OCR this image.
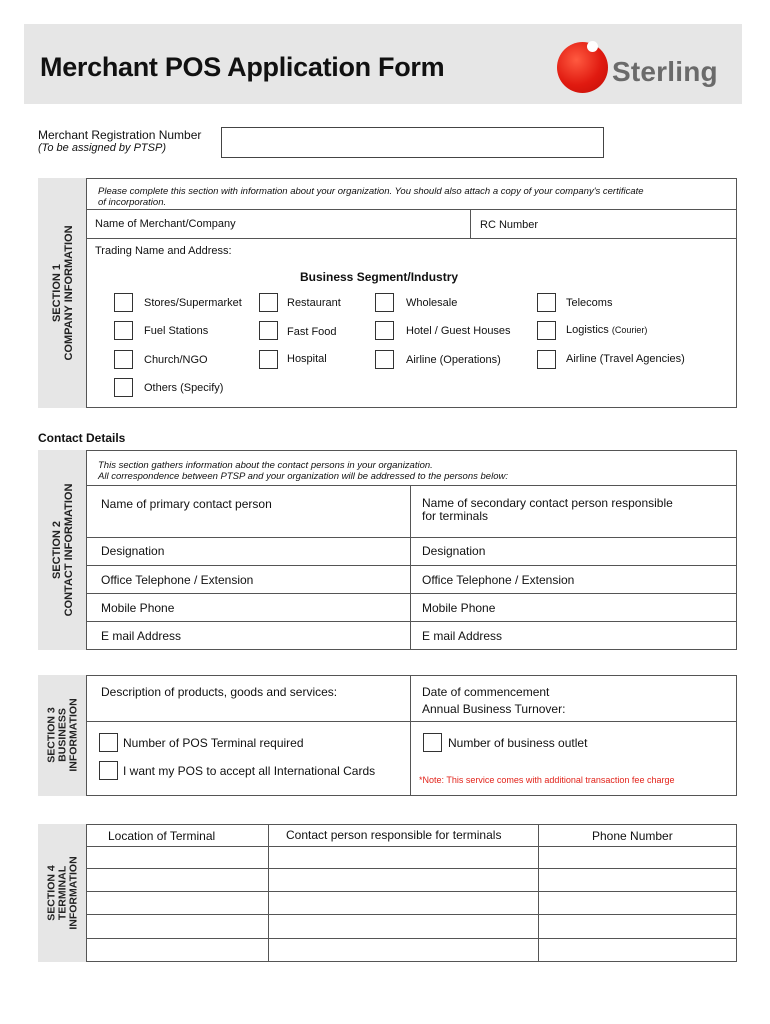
Merchant POS Application Form	Sterling
Merchant Registration Number
(To be assigned by PTSP)
SECTION 1 COMPANY INFORMATION
Please complete this section with information about your organization. You should also attach a copy of your company's certificate
of incorporation.
Name of Merchant/Company	RC Number
Trading Name and Address:
Business Segment/Industry
Stores/Supermarket	Restaurant	Wholesale	Telecoms
Fuel Stations	Fast Food	Hotel / Guest Houses	Logistics (Courier)
Church/NGO	Hospital	Airline (Operations)	Airline (Travel Agencies)
Others (Specify)
Contact Details
SECTION 2 CONTACT INFORMATION
This section gathers information about the contact persons in your organization.
All correspondence between PTSP and your organization will be addressed to the persons below:
Name of primary contact person	Name of secondary contact person responsible
for terminals
Designation	Designation
Office Telephone / Extension	Office Telephone / Extension
Mobile Phone	Mobile Phone
E mail Address	E mail Address
SECTION 3 BUSINESS INFORMATION
Description of products, goods and services:	Date of commencement
Annual Business Turnover:
Number of POS Terminal required	Number of business outlet
I want my POS to accept all International Cards
*Note: This service comes with additional transaction fee charge
SECTION 4 TERMINAL INFORMATION
Location of Terminal	Contact person responsible for terminals	Phone Number
